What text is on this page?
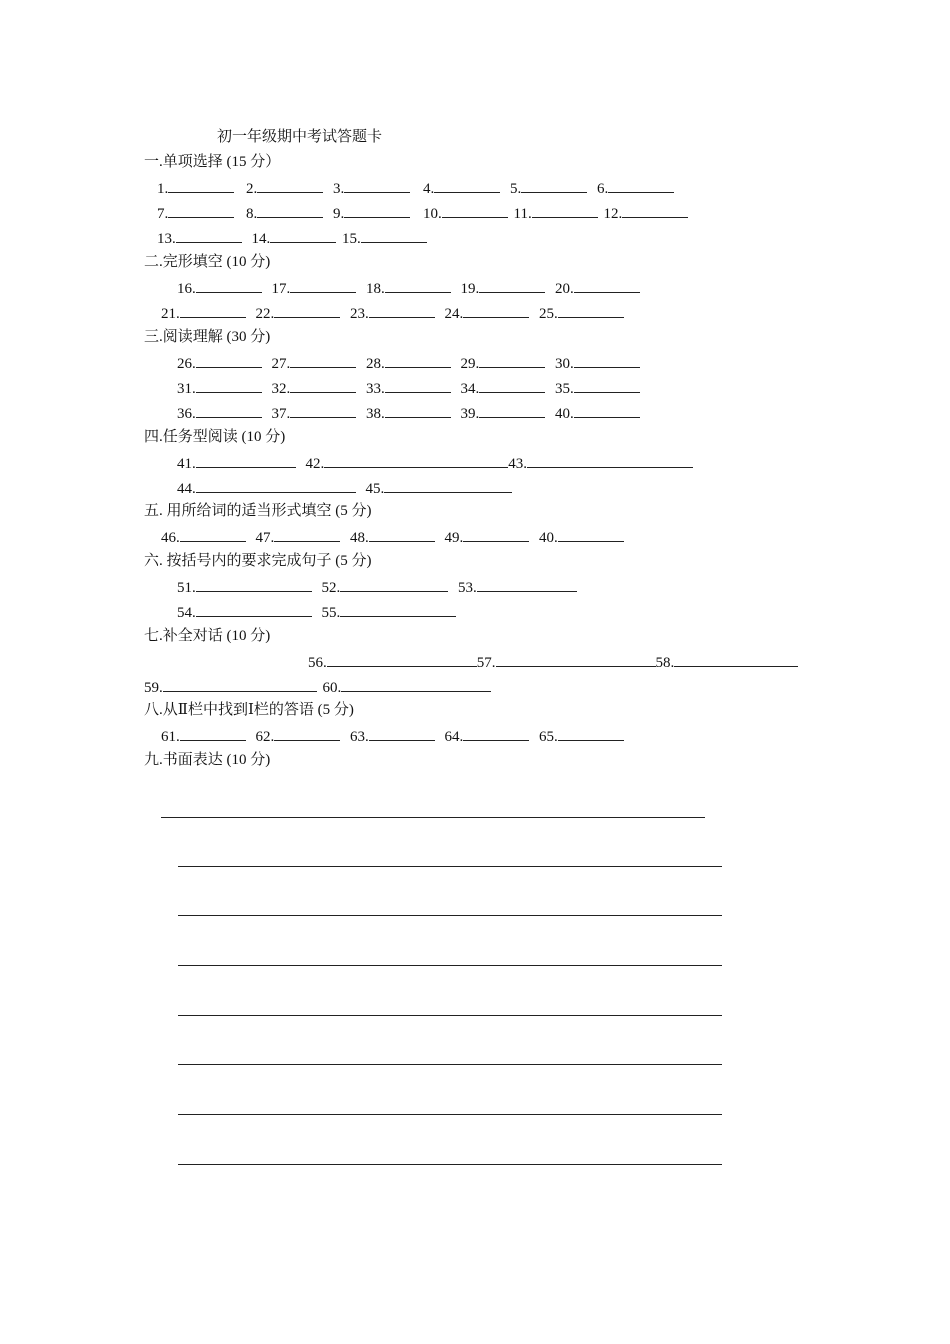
初一年级期中考试答题卡
一.单项选择 (15 分）
1.	2.	3.	4.	5.	6.
7.	8.	9.	10.	11.	12.
13.	14.	15.
二.完形填空 (10 分)
16.	17.	18.	19.	20.
21.	22.	23.	24.	25.
三.阅读理解 (30 分)
26.	27.	28.	29.	30.
31.	32.	33.	34.	35.
36.	37.	38.	39.	40.
四.任务型阅读 (10 分)
41.	42.	43.
44.	45.
五. 用所给词的适当形式填空 (5 分)
46.	47.	48.	49.	40.
六. 按括号内的要求完成句子 (5 分)
51.	52.	53.
54.	55.
七.补全对话 (10 分)
56.	57.	58.
59.	60.
八.从Ⅱ栏中找到Ⅰ栏的答语 (5 分)
61.	62.	63.	64.	65.
九.书面表达 (10 分)
